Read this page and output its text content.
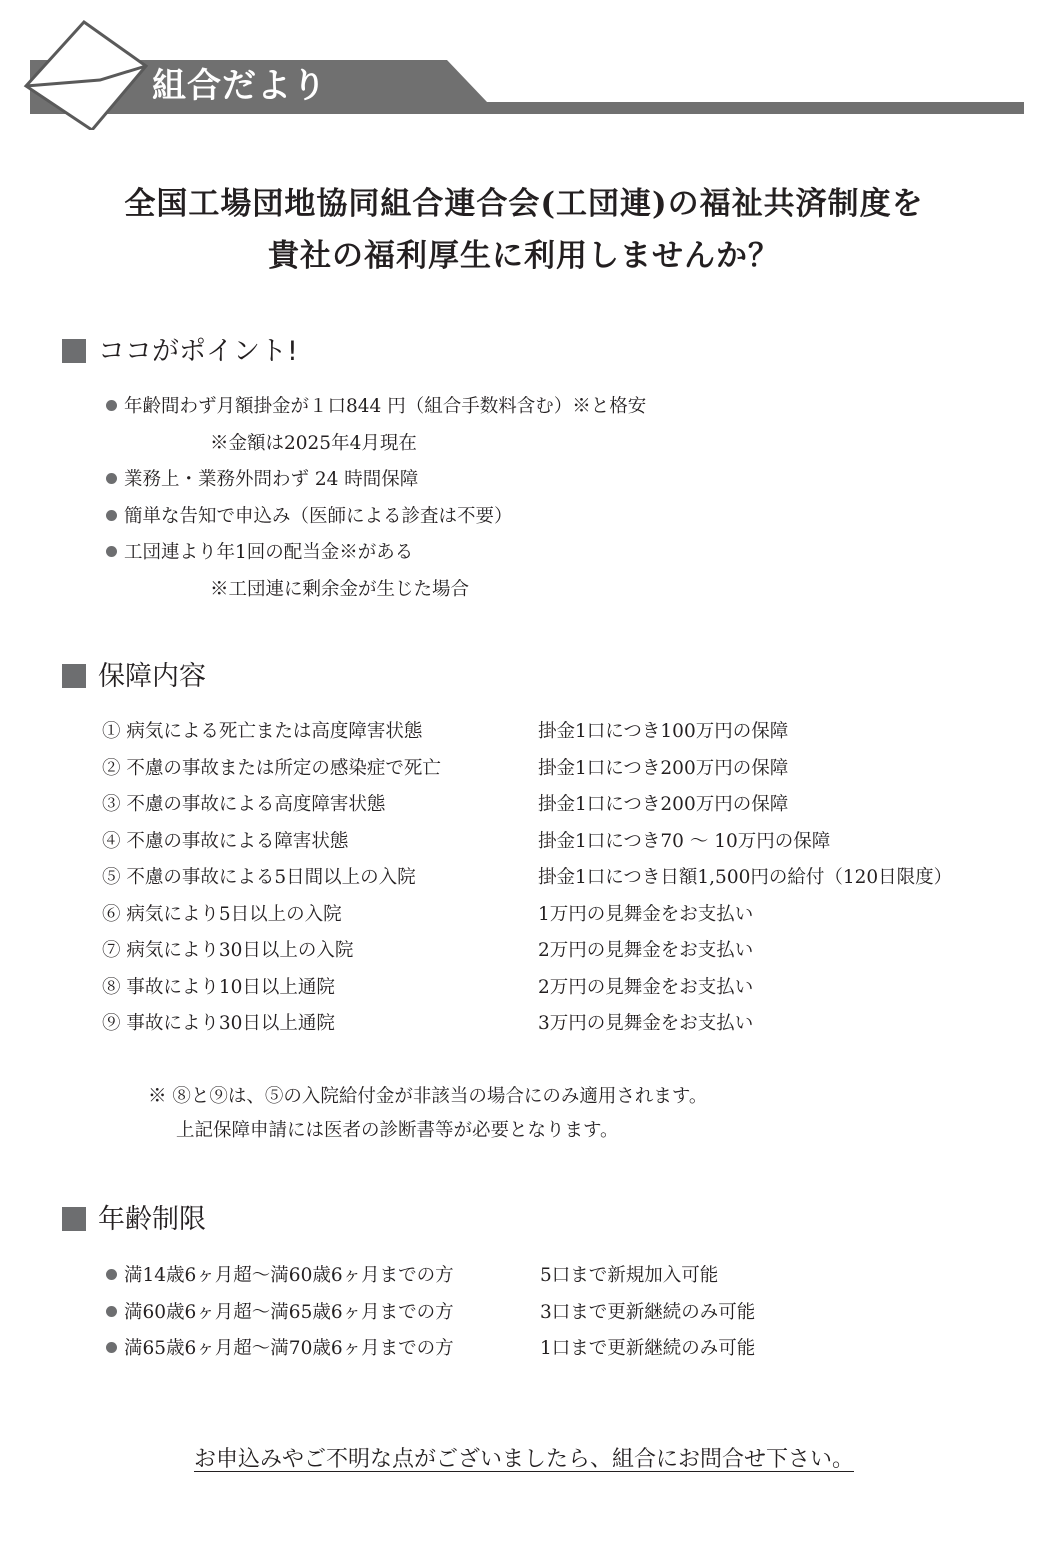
組合だより
全国工場団地協同組合連合会(工団連)の福祉共済制度を
貴社の福利厚生に利用しませんか？
ココがポイント!
年齢間わず月額掛金が１口844 円（組合手数料含む）※と格安
※金額は2025年4月現在
業務上・業務外問わず 24 時間保障
簡単な告知で申込み（医師による診査は不要）
工団連より年1回の配当金※がある
※工団連に剰余金が生じた場合
保障内容
① 病気による死亡または高度障害状態	掛金1口につき100万円の保障
② 不慮の事故または所定の感染症で死亡	掛金1口につき200万円の保障
③ 不慮の事故による高度障害状態	掛金1口につき200万円の保障
④ 不慮の事故による障害状態	掛金1口につき70 ～ 10万円の保障
⑤ 不慮の事故による5日間以上の入院	掛金1口につき日額1,500円の給付（120日限度）
⑥ 病気により5日以上の入院	1万円の見舞金をお支払い
⑦ 病気により30日以上の入院	2万円の見舞金をお支払い
⑧ 事故により10日以上通院	2万円の見舞金をお支払い
⑨ 事故により30日以上通院	3万円の見舞金をお支払い
※ ⑧と⑨は、⑤の入院給付金が非該当の場合にのみ適用されます。
上記保障申請には医者の診断書等が必要となります。
年齢制限
満14歳6ヶ月超～満60歳6ヶ月までの方	5口まで新規加入可能
満60歳6ヶ月超～満65歳6ヶ月までの方	3口まで更新継続のみ可能
満65歳6ヶ月超～満70歳6ヶ月までの方	1口まで更新継続のみ可能
お申込みやご不明な点がございましたら、組合にお問合せ下さい。
